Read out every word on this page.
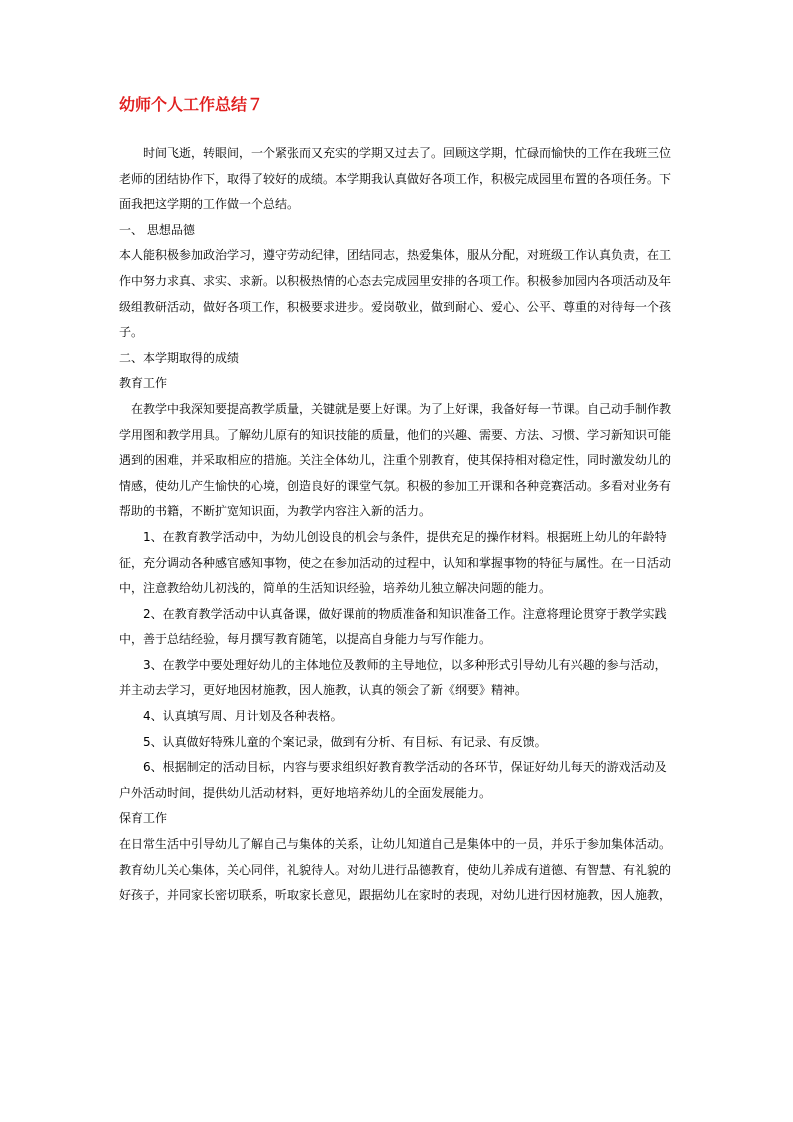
幼师个人工作总结７

时间飞逝，转眼间，一个紧张而又充实的学期又过去了。回顾这学期，忙碌而愉快的工作在我班三位老师的团结协作下，取得了较好的成绩。本学期我认真做好各项工作，积极完成园里布置的各项任务。下面我把这学期的工作做一个总结。

一、 思想品德

本人能积极参加政治学习，遵守劳动纪律，团结同志，热爱集体，服从分配，对班级工作认真负责，在工作中努力求真、求实、求新。以积极热情的心态去完成园里安排的各项工作。积极参加园内各项活动及年级组教研活动，做好各项工作，积极要求进步。爱岗敬业，做到耐心、爱心、公平、尊重的对待每一个孩子。

二、本学期取得的成绩

教育工作

在教学中我深知要提高教学质量，关键就是要上好课。为了上好课，我备好每一节课。自己动手制作教学用图和教学用具。了解幼儿原有的知识技能的质量，他们的兴趣、需要、方法、习惯、学习新知识可能遇到的困难，并采取相应的措施。关注全体幼儿，注重个别教育，使其保持相对稳定性，同时激发幼儿的情感，使幼儿产生愉快的心境，创造良好的课堂气氛。积极的参加工开课和各种竞赛活动。多看对业务有帮助的书籍，不断扩宽知识面，为教学内容注入新的活力。

1、在教育教学活动中，为幼儿创设良的机会与条件，提供充足的操作材料。根据班上幼儿的年龄特征，充分调动各种感官感知事物，使之在参加活动的过程中，认知和掌握事物的特征与属性。在一日活动中，注意教给幼儿初浅的，简单的生活知识经验，培养幼儿独立解决问题的能力。

2、在教育教学活动中认真备课，做好课前的物质准备和知识准备工作。注意将理论贯穿于教学实践中，善于总结经验，每月撰写教育随笔，以提高自身能力与写作能力。

3、在教学中要处理好幼儿的主体地位及教师的主导地位，以多种形式引导幼儿有兴趣的参与活动，并主动去学习，更好地因材施教，因人施教，认真的领会了新《纲要》精神。

4、认真填写周、月计划及各种表格。

5、认真做好特殊儿童的个案记录，做到有分析、有目标、有记录、有反馈。

6、根据制定的活动目标，内容与要求组织好教育教学活动的各环节，保证好幼儿每天的游戏活动及户外活动时间，提供幼儿活动材料，更好地培养幼儿的全面发展能力。

保育工作

在日常生活中引导幼儿了解自己与集体的关系，让幼儿知道自己是集体中的一员，并乐于参加集体活动。教育幼儿关心集体，关心同伴，礼貌待人。对幼儿进行品德教育，使幼儿养成有道德、有智慧、有礼貌的好孩子，并同家长密切联系，听取家长意见，跟据幼儿在家时的表现，对幼儿进行因材施教，因人施教，
